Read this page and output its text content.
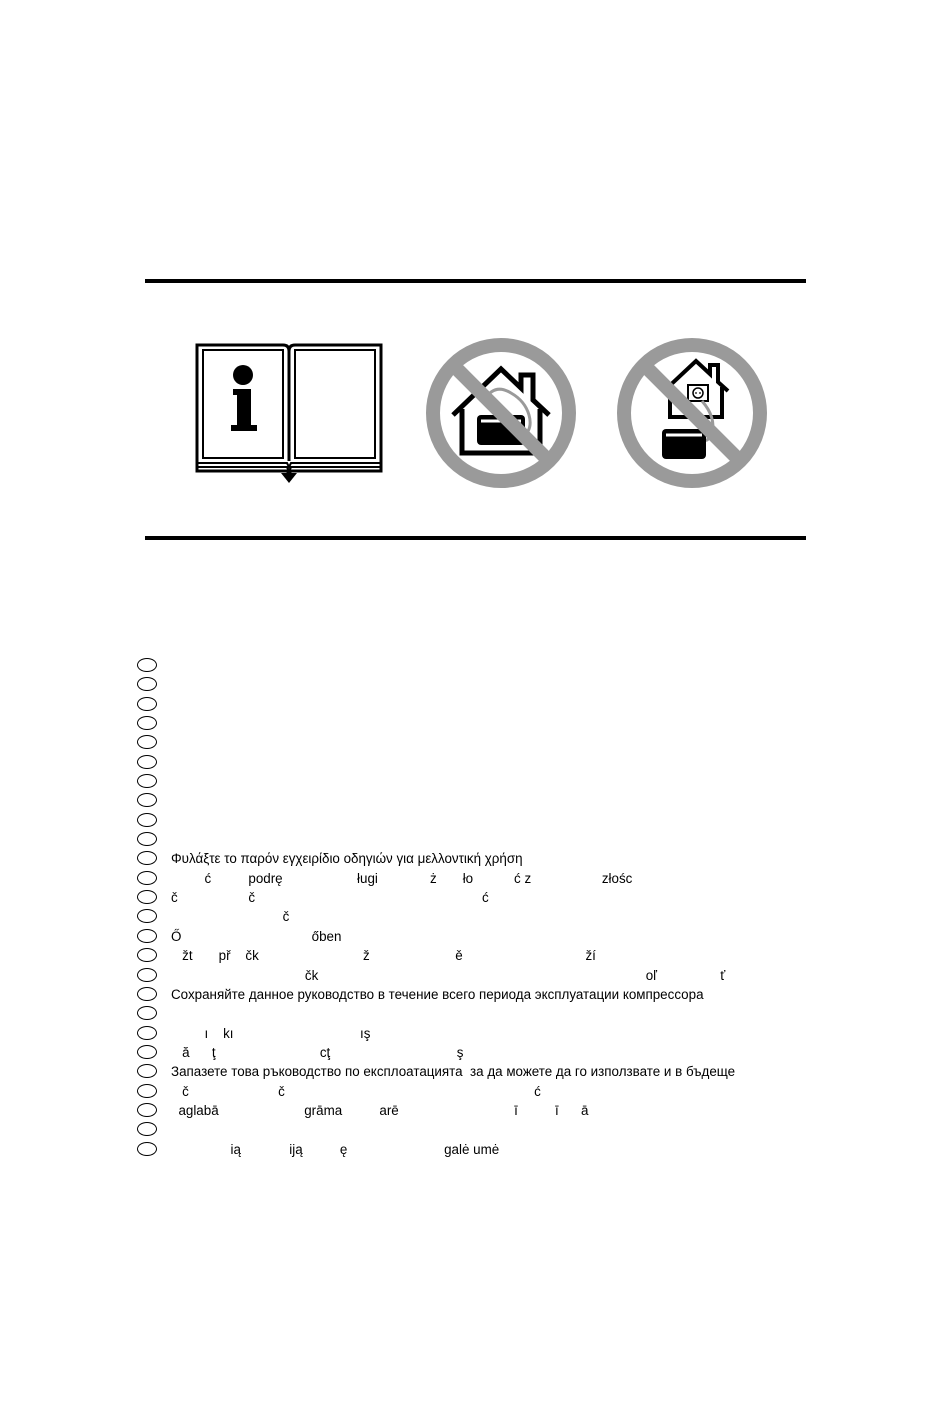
Φυλάξτε το παρόν εγχειρίδιο οδηγιών για μελλοντική χρήση
ć          podrę                    ługi              ż       ło           ć z                   złośc
č                   č                                                             ć
č
Ő                                   őben
žt       př    čk                            ž                       ě                                 ží
čk                                                                                        oľ                 ť
Сохраняйте данное руководство в течение всего периода эксплуатации компрессора
ı    kı                                  ış
ă      ţ                            cţ                                  ş
Запазете това ръководство по експлоатацията  за да можете да го използвате и в бъдеще
č                        č                                                                   ć
aglabā                       grāma          arē                               ī          ī      ā
ią             iją          ę                          galė umė
